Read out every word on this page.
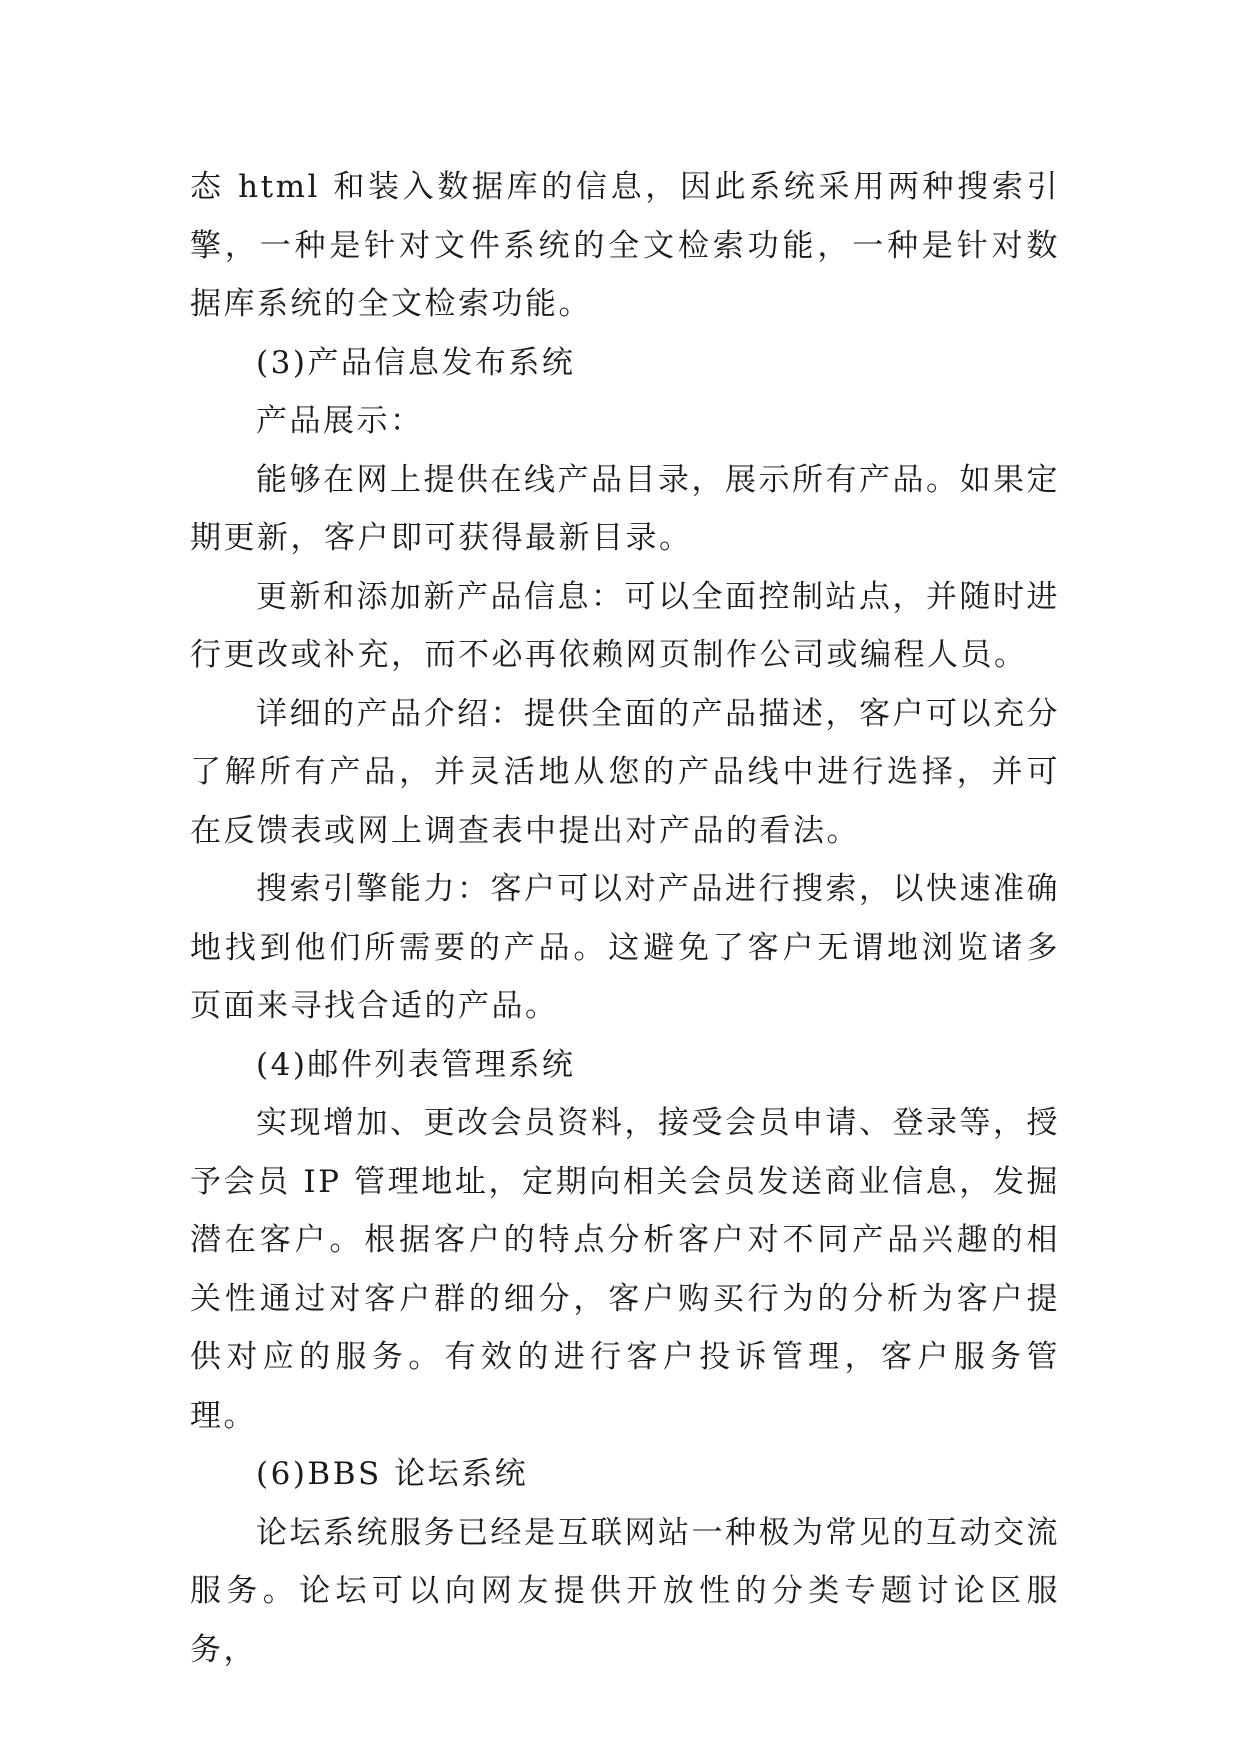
态 html 和装入数据库的信息，因此系统采用两种搜索引擎，一种是针对文件系统的全文检索功能，一种是针对数据库系统的全文检索功能。

(3)产品信息发布系统

产品展示：

能够在网上提供在线产品目录，展示所有产品。如果定期更新，客户即可获得最新目录。

更新和添加新产品信息：可以全面控制站点，并随时进行更改或补充，而不必再依赖网页制作公司或编程人员。

详细的产品介绍：提供全面的产品描述，客户可以充分了解所有产品，并灵活地从您的产品线中进行选择，并可在反馈表或网上调查表中提出对产品的看法。

搜索引擎能力：客户可以对产品进行搜索，以快速准确地找到他们所需要的产品。这避免了客户无谓地浏览诸多页面来寻找合适的产品。

(4)邮件列表管理系统

实现增加、更改会员资料，接受会员申请、登录等，授予会员 IP 管理地址，定期向相关会员发送商业信息，发掘潜在客户。根据客户的特点分析客户对不同产品兴趣的相关性通过对客户群的细分，客户购买行为的分析为客户提供对应的服务。有效的进行客户投诉管理，客户服务管理。

(6)BBS 论坛系统

论坛系统服务已经是互联网站一种极为常见的互动交流服务。论坛可以向网友提供开放性的分类专题讨论区服务，
